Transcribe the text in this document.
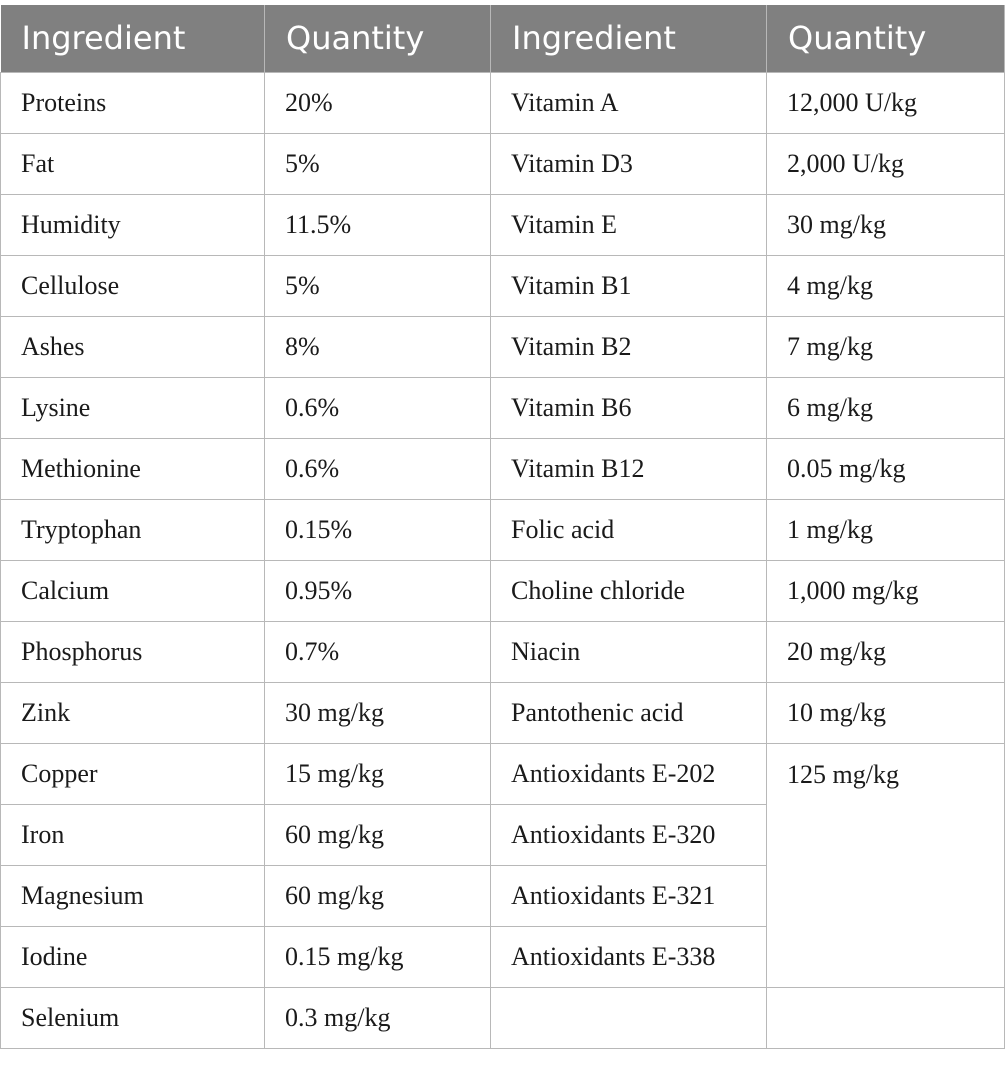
Ingredient	Quantity	Ingredient	Quantity
Proteins	20%	Vitamin A	12,000 U/kg
Fat	5%	Vitamin D3	2,000 U/kg
Humidity	11.5%	Vitamin E	30 mg/kg
Cellulose	5%	Vitamin B1	4 mg/kg
Ashes	8%	Vitamin B2	7 mg/kg
Lysine	0.6%	Vitamin B6	6 mg/kg
Methionine	0.6%	Vitamin B12	0.05 mg/kg
Tryptophan	0.15%	Folic acid	1 mg/kg
Calcium	0.95%	Choline chloride	1,000 mg/kg
Phosphorus	0.7%	Niacin	20 mg/kg
Zink	30 mg/kg	Pantothenic acid	10 mg/kg
Copper	15 mg/kg	Antioxidants E-202	125 mg/kg
Iron	60 mg/kg	Antioxidants E-320	
Magnesium	60 mg/kg	Antioxidants E-321	
Iodine	0.15 mg/kg	Antioxidants E-338	
Selenium	0.3 mg/kg		
